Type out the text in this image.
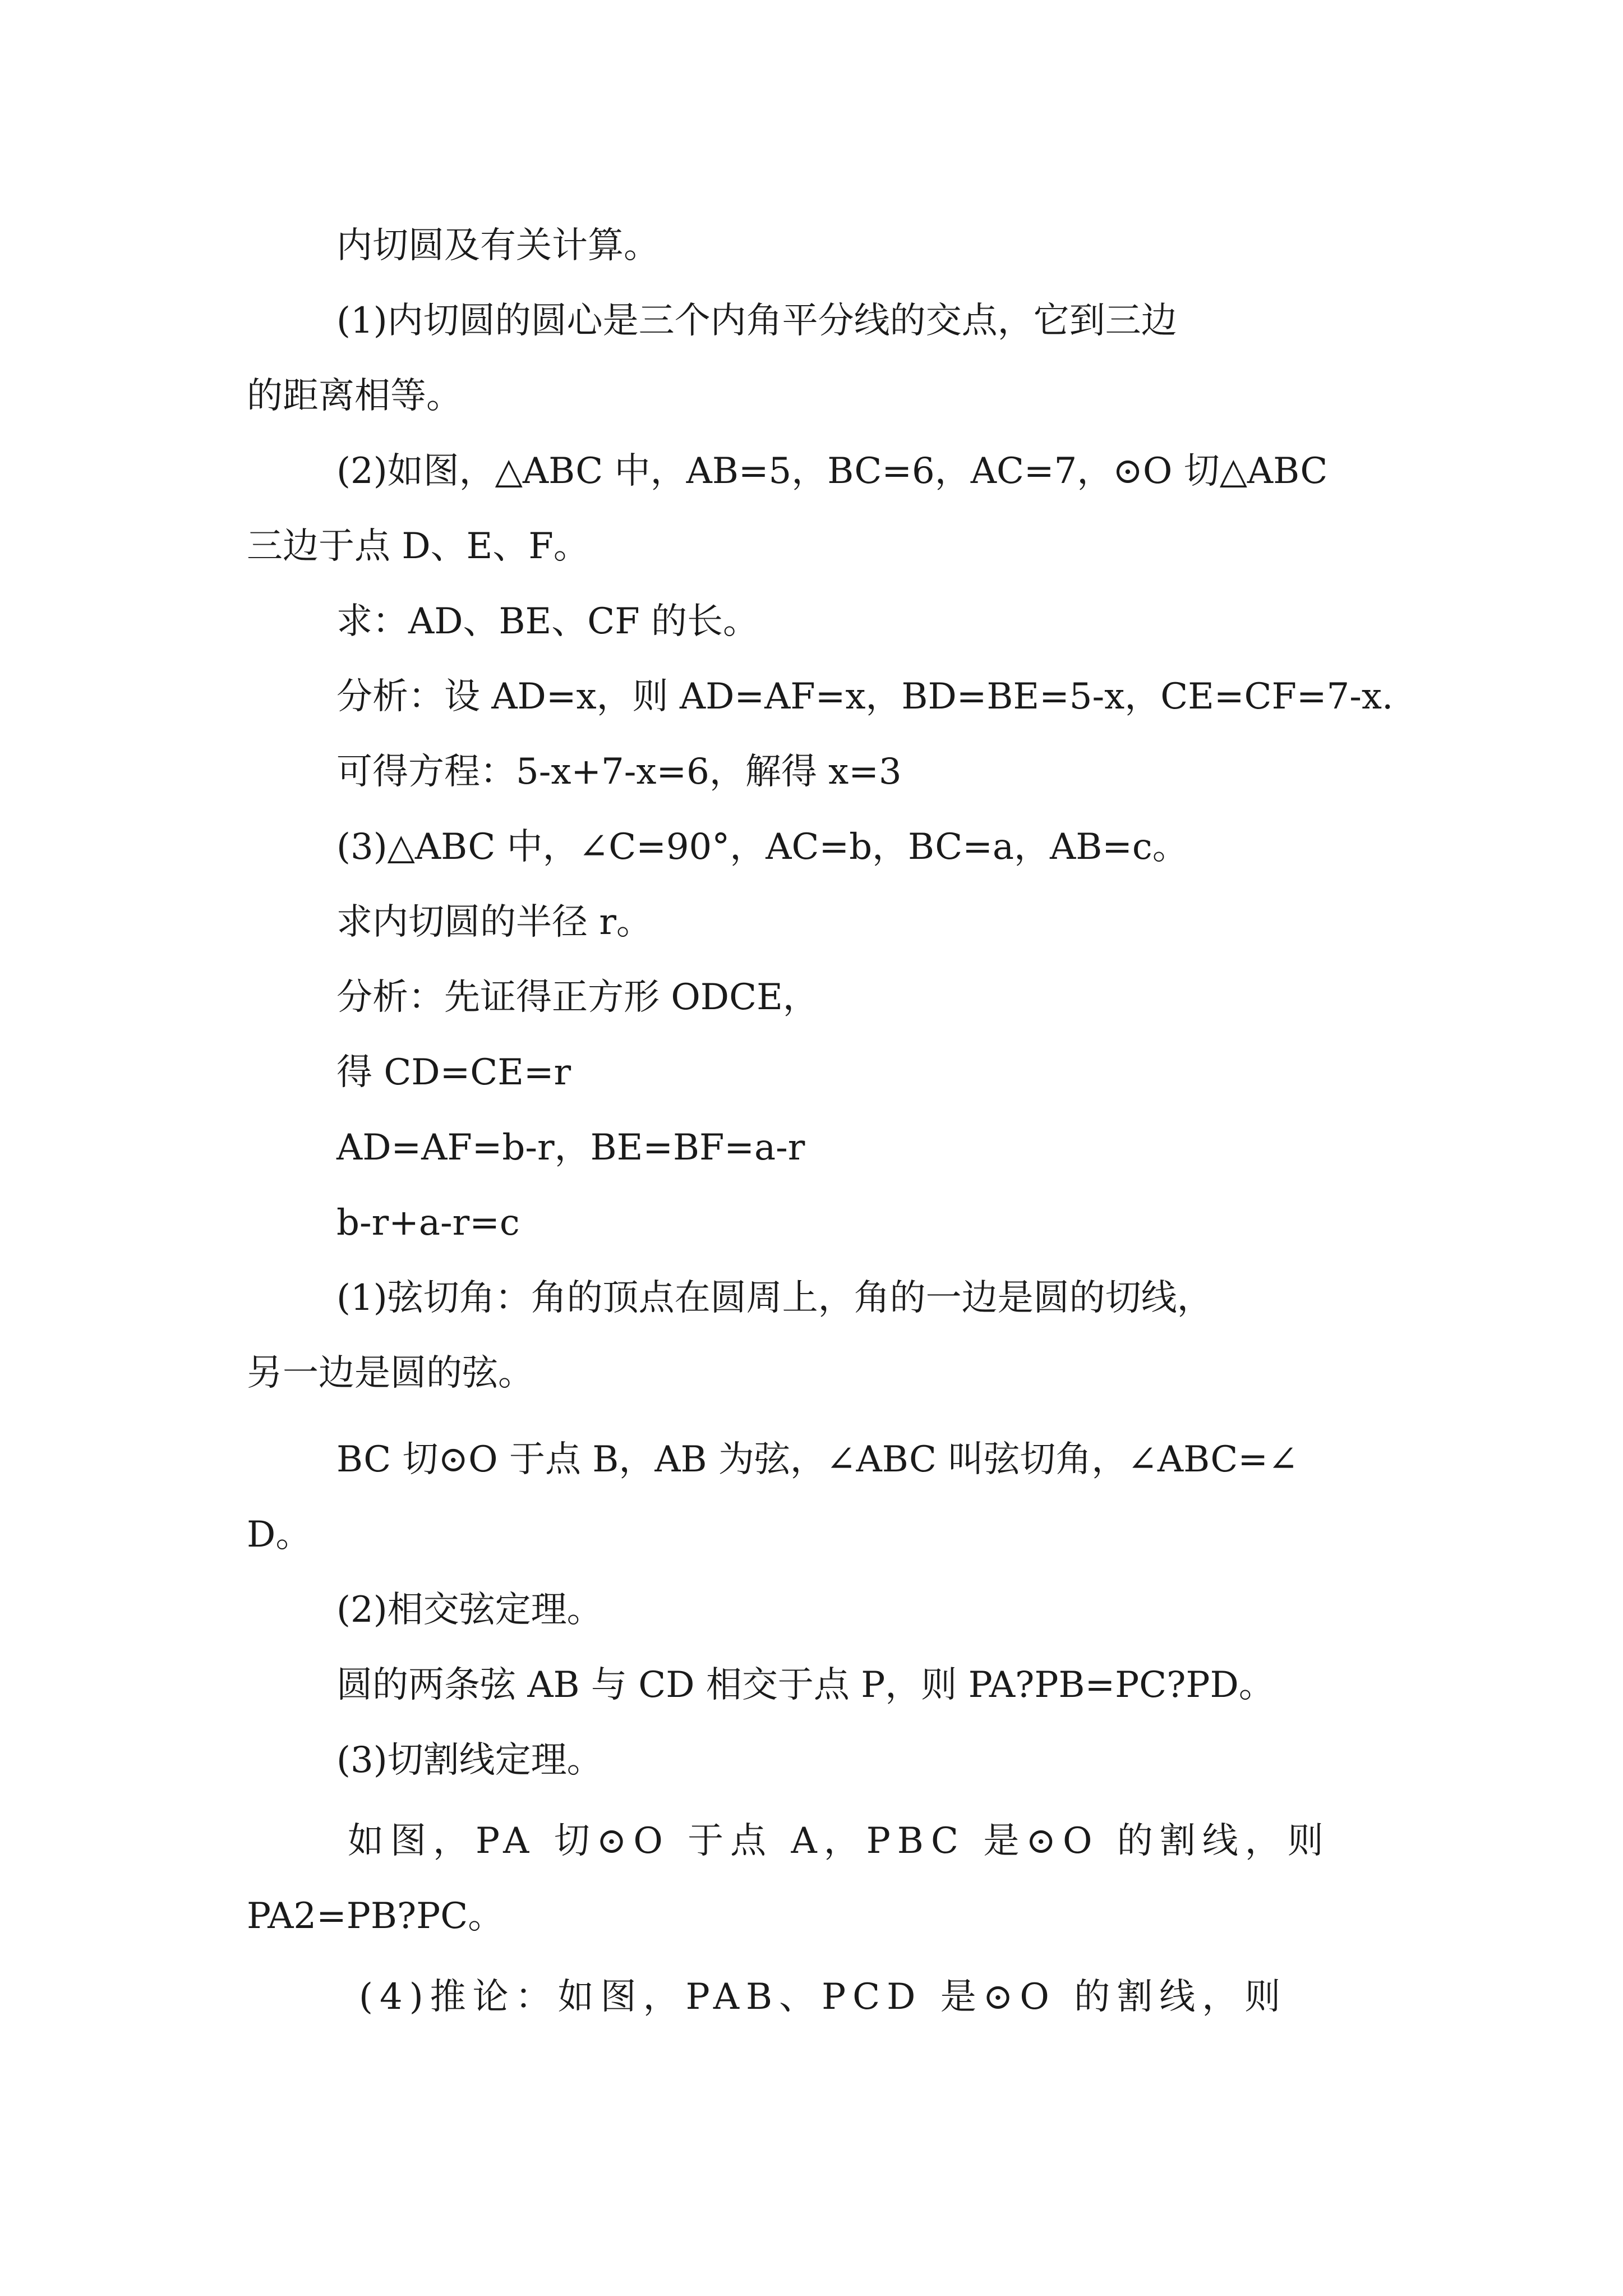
内切圆及有关计算。
(1)内切圆的圆心是三个内角平分线的交点，它到三边
的距离相等。
(2)如图，△ABC 中，AB=5，BC=6，AC=7，⊙O 切△ABC
三边于点 D、E、F。
求：AD、BE、CF 的长。
分析：设 AD=x，则 AD=AF=x，BD=BE=5-x，CE=CF=7-x.
可得方程：5-x+7-x=6，解得 x=3
(3)△ABC 中，∠C=90°，AC=b，BC=a，AB=c。
求内切圆的半径 r。
分析：先证得正方形 ODCE，
得 CD=CE=r
AD=AF=b-r，BE=BF=a-r
b-r+a-r=c
(1)弦切角：角的顶点在圆周上，角的一边是圆的切线，
另一边是圆的弦。
BC 切⊙O 于点 B，AB 为弦，∠ABC 叫弦切角，∠ABC=∠
D。
(2)相交弦定理。
圆的两条弦 AB 与 CD 相交于点 P，则 PA?PB=PC?PD。
(3)切割线定理。
如图，PA 切⊙O 于点 A，PBC 是⊙O 的割线，则
PA2=PB?PC。
(4)推论：如图，PAB、PCD 是⊙O 的割线，则
